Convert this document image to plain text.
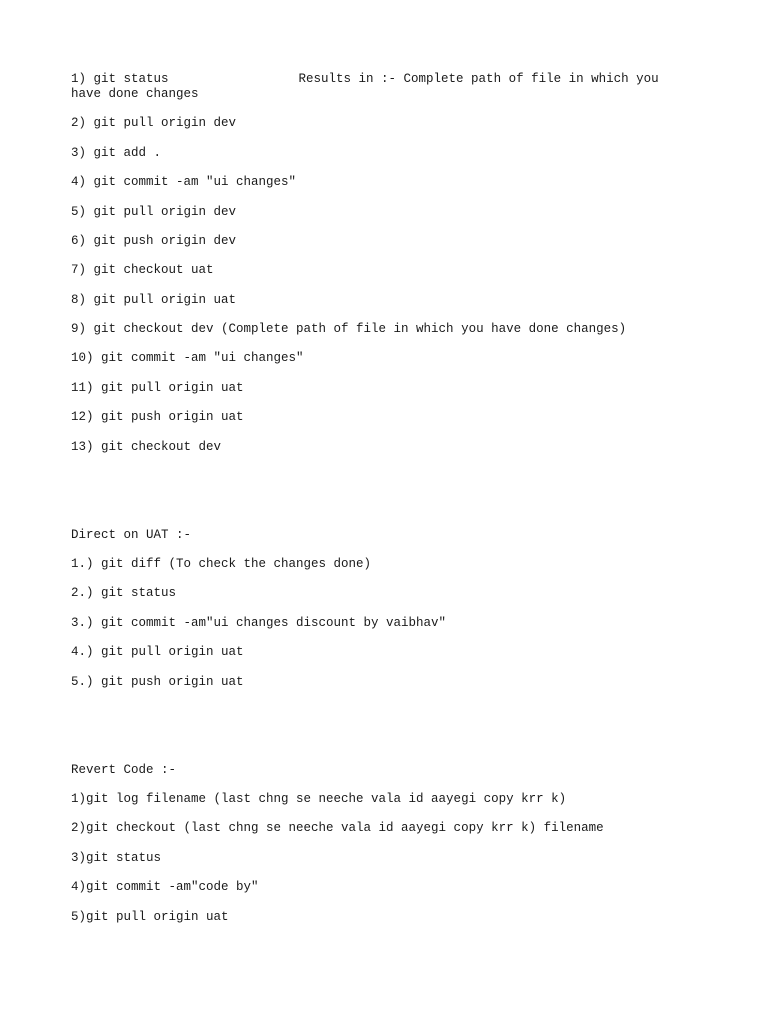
1) git status	Results in :- Complete path of file in which you have done changes

2) git pull origin dev

3) git add .

4) git commit -am "ui changes"

5) git pull origin dev

6) git push origin dev

7) git checkout uat

8) git pull origin uat

9) git checkout dev (Complete path of file in which you have done changes)

10) git commit -am "ui changes"

11) git pull origin uat

12) git push origin uat

13) git checkout dev

Direct on UAT :-

1.) git diff (To check the changes done)

2.) git status

3.) git commit -am"ui changes discount by vaibhav"

4.) git pull origin uat

5.) git push origin uat

Revert Code :-

1)git log filename (last chng se neeche vala id aayegi copy krr k)

2)git checkout (last chng se neeche vala id aayegi copy krr k) filename

3)git status

4)git commit -am"code by"

5)git pull origin uat
